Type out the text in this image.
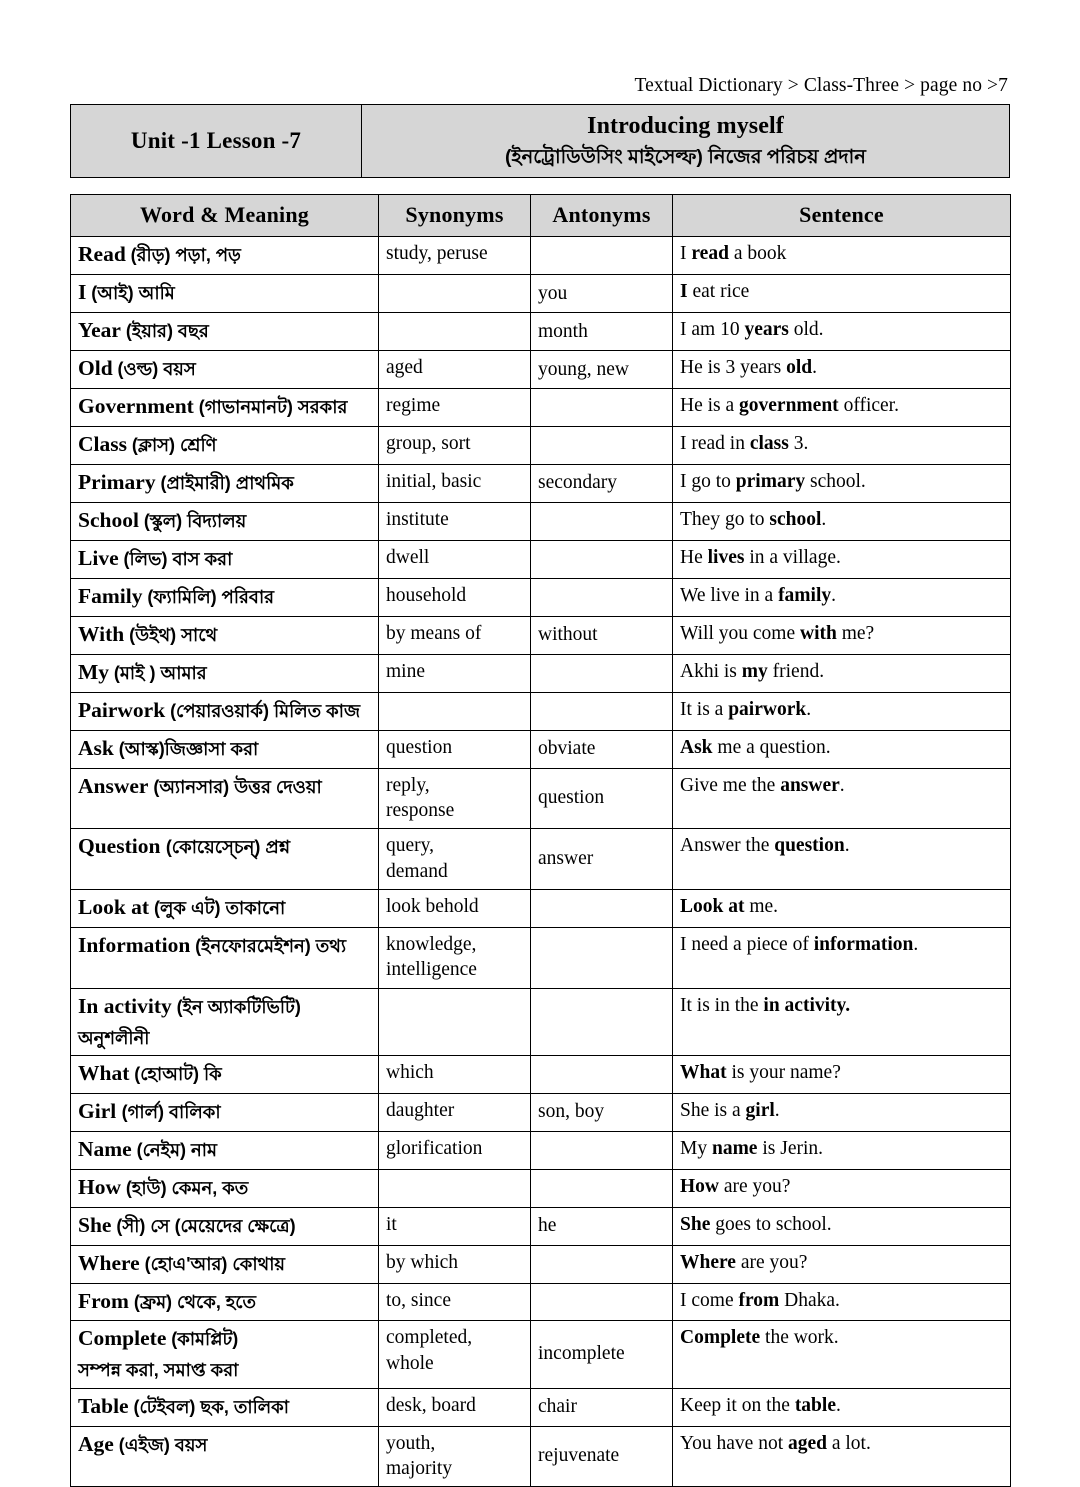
Textual Dictionary > Class-Three > page no >7
Unit -1 Lesson -7	
Introducing myself
(ইনট্রোডিউসিং মাইসেল্ফ) নিজের পরিচয় প্রদান
Word & Meaning	Synonyms	Antonyms	Sentence
Read (রীড়) পড়া, পড়	study, peruse		I read a book
I (আই) আমি		you	I eat rice
Year (ইয়ার) বছর		month	I am 10 years old.
Old (ওল্ড) বয়স	aged	young, new	He is 3 years old.
Government (গাভানমানট) সরকার	regime		He is a government officer.
Class (ক্লাস) শ্রেণি	group, sort		I read in class 3.
Primary (প্রাইমারী) প্রাথমিক	initial, basic	secondary	I go to primary school.
School (স্কুল) বিদ্যালয়	institute		They go to school.
Live (লিভ) বাস করা	dwell		He lives in a village.
Family (ফ্যামিলি) পরিবার	household		We live in a family.
With (উইথ) সাথে	by means of	without	Will you come with me?
My (মাই ) আমার	mine		Akhi is my friend.
Pairwork (পেয়ারওয়ার্ক) মিলিত কাজ			It is a pairwork.
Ask (আস্ক)জিজ্ঞাসা করা	question	obviate	Ask me a question.
Answer (অ্যানসার) উত্তর দেওয়া	reply,
response	question	Give me the answer.
Question (কোয়েস্চেন্) প্রশ্ন	query,
demand	answer	Answer the question.
Look at (লুক এট) তাকানো	look behold		Look at me.
Information (ইনফোরমেইশন) তথ্য	knowledge,
intelligence		I need a piece of information.
In activity (ইন অ্যাকটিভিটি)
অনুশলীনী			It is in the in activity.
What (হোআট) কি	which		What is your name?
Girl (গার্ল) বালিকা	daughter	son, boy	She is a girl.
Name (নেইম) নাম	glorification		My name is Jerin.
How (হাউ) কেমন, কত			How are you?
She (সী) সে (মেয়েদের ক্ষেত্রে)	it	he	She goes to school.
Where (হোএ'আর) কোথায়	by which		Where are you?
From (ফ্রম) থেকে, হতে	to, since		I come from Dhaka.
Complete (কামপ্লিট)
সম্পন্ন করা, সমাপ্ত করা	completed,
whole	incomplete	Complete the work.
Table (টেইবল) ছক, তালিকা	desk, board	chair	Keep it on the table.
Age (এইজ) বয়স	youth,
majority	rejuvenate	You have not aged a lot.
